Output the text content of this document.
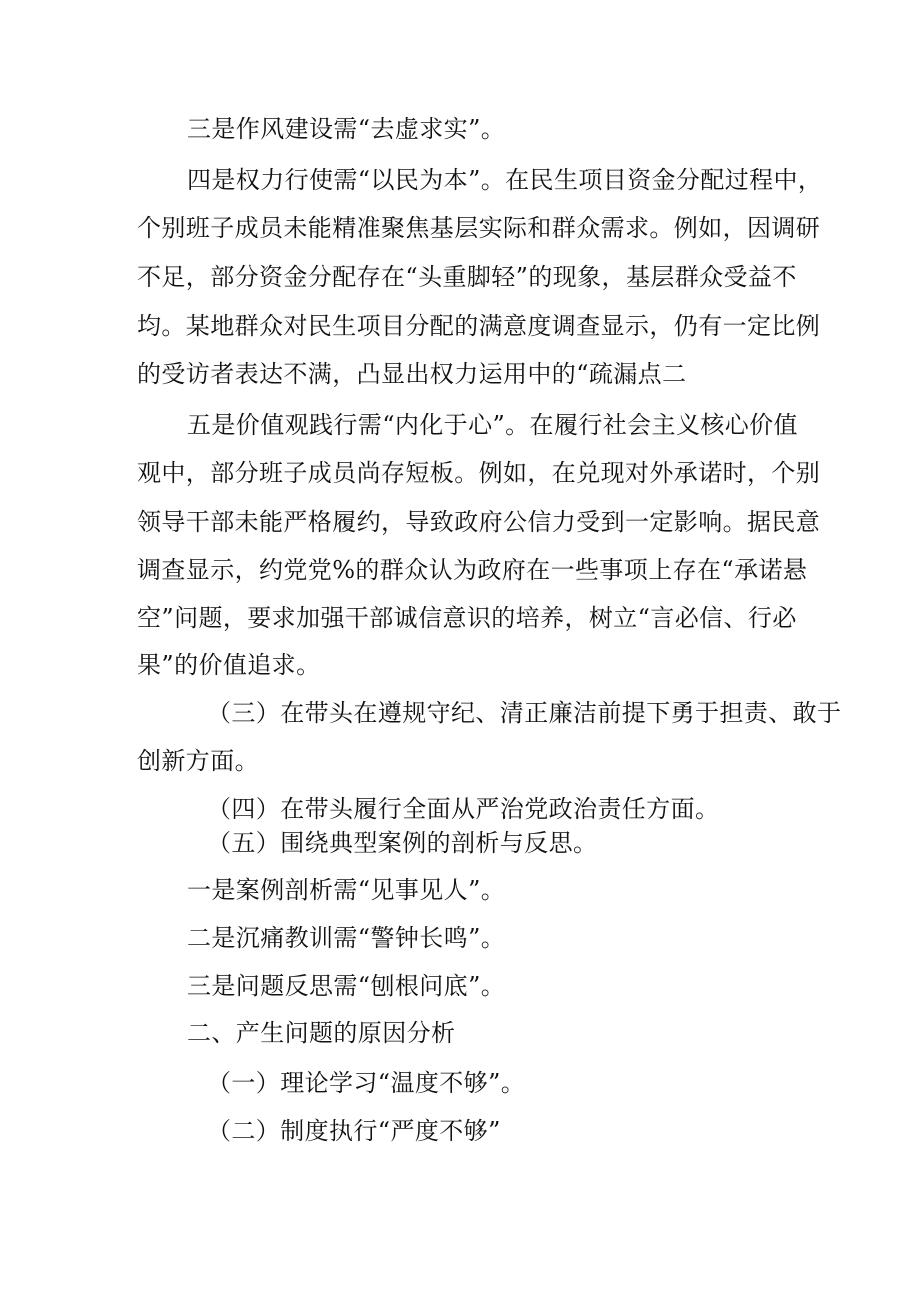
三是作风建设需“去虚求实”。
四是权力行使需“以民为本”。在民生项目资金分配过程中，
个别班子成员未能精准聚焦基层实际和群众需求。例如，因调研
不足，部分资金分配存在“头重脚轻”的现象，基层群众受益不
均。某地群众对民生项目分配的满意度调查显示，仍有一定比例
的受访者表达不满，凸显出权力运用中的“疏漏点二
五是价值观践行需“内化于心”。在履行社会主义核心价值
观中，部分班子成员尚存短板。例如，在兑现对外承诺时，个别
领导干部未能严格履约，导致政府公信力受到一定影响。据民意
调查显示，约党党%的群众认为政府在一些事项上存在“承诺悬
空”问题，要求加强干部诚信意识的培养，树立“言必信、行必
果”的价值追求。
（三）在带头在遵规守纪、清正廉洁前提下勇于担责、敢于
创新方面。
（四）在带头履行全面从严治党政治责任方面。
（五）围绕典型案例的剖析与反思。
一是案例剖析需“见事见人”。
二是沉痛教训需“警钟长鸣”。
三是问题反思需“刨根问底”。
二、产生问题的原因分析
（一）理论学习“温度不够”。
（二）制度执行“严度不够”
